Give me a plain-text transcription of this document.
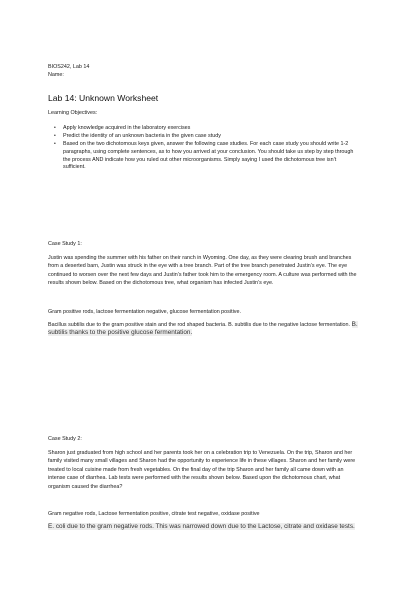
BIOS242, Lab 14
Name:
Lab 14: Unknown Worksheet
Learning Objectives:
• Apply knowledge acquired in the laboratory exercises
• Predict the identity of an unknown bacteria in the given case study
• Based on the two dichotomous keys given, answer the following case studies. For each case study you should write 1-2 paragraphs, using complete sentences, as to how you arrived at your conclusion. You should take us step by step through the process AND indicate how you ruled out other microorganisms. Simply saying I used the dichotomous tree isn’t sufficient.
Case Study 1:

Justin was spending the summer with his father on their ranch in Wyoming. One day, as they were clearing brush and branches from a deserted barn, Justin was struck in the eye with a tree branch. Part of the tree branch penetrated Justin’s eye. The eye continued to worsen over the next few days and Justin’s father took him to the emergency room. A culture was performed with the results shown below. Based on the dichotomous tree, what organism has infected Justin’s eye.

Gram positive rods, lactose fermentation negative, glucose fermentation positive.

Bacillus subtilis due to the gram positive stain and the rod shaped bacteria. B. subtilis due to the negative lactose fermentation. B. subtilis thanks to the positive glucose fermentation.

Case Study 2:

Sharon just graduated from high school and her parents took her on a celebration trip to Venezuela. On the trip, Sharon and her family visited many small villages and Sharon had the opportunity to experience life in these villages. Sharon and her family were treated to local cuisine made from fresh vegetables. On the final day of the trip Sharon and her family all came down with an intense case of diarrhea. Lab tests were performed with the results shown below. Based upon the dichotomous chart, what organism caused the diarrhea?

Gram negative rods, Lactose fermentation positive, citrate test negative, oxidase positive

E. coli due to the gram negative rods. This was narrowed down due to the Lactose, citrate and oxidase tests.
